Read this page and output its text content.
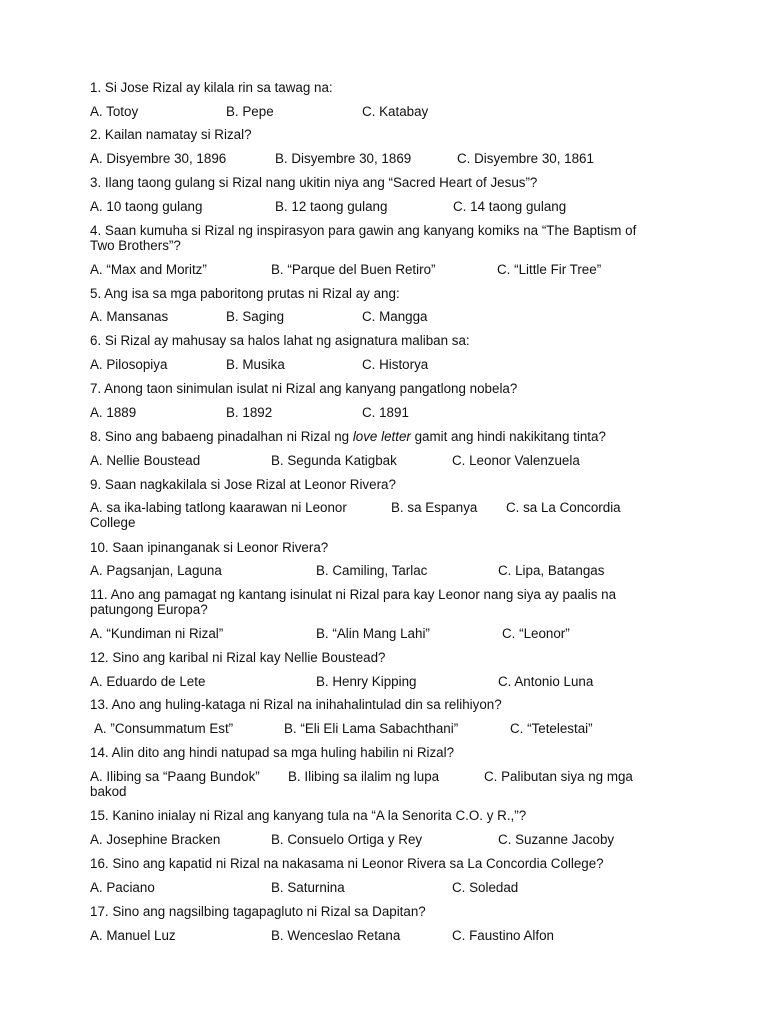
1. Si Jose Rizal ay kilala rin sa tawag na:
A. Totoy	B. Pepe	C. Katabay
2. Kailan namatay si Rizal?
A. Disyembre 30, 1896	B. Disyembre 30, 1869	C. Disyembre 30, 1861
3. Ilang taong gulang si Rizal nang ukitin niya ang “Sacred Heart of Jesus”?
A. 10 taong gulang	B. 12 taong gulang	C. 14 taong gulang
4. Saan kumuha si Rizal ng inspirasyon para gawin ang kanyang komiks na “The Baptism of Two Brothers”?
A. “Max and Moritz”	B. “Parque del Buen Retiro”	C. “Little Fir Tree”
5. Ang isa sa mga paboritong prutas ni Rizal ay ang:
A. Mansanas	B. Saging	C. Mangga
6. Si Rizal ay mahusay sa halos lahat ng asignatura maliban sa:
A. Pilosopiya	B. Musika	C. Historya
7. Anong taon sinimulan isulat ni Rizal ang kanyang pangatlong nobela?
A. 1889	B. 1892	C. 1891
8. Sino ang babaeng pinadalhan ni Rizal ng love letter gamit ang hindi nakikitang tinta?
A. Nellie Boustead	B. Segunda Katigbak	C. Leonor Valenzuela
9. Saan nagkakilala si Jose Rizal at Leonor Rivera?
A. sa ika-labing tatlong kaarawan ni Leonor	B. sa Espanya	C. sa La Concordia College
10. Saan ipinanganak si Leonor Rivera?
A. Pagsanjan, Laguna	B. Camiling, Tarlac	C. Lipa, Batangas
11. Ano ang pamagat ng kantang isinulat ni Rizal para kay Leonor nang siya ay paalis na patungong Europa?
A. “Kundiman ni Rizal”	B. “Alin Mang Lahi”	C. “Leonor”
12. Sino ang karibal ni Rizal kay Nellie Boustead?
A. Eduardo de Lete	B. Henry Kipping	C. Antonio Luna
13. Ano ang huling-kataga ni Rizal na inihahalintulad din sa relihiyon?
A. ”Consummatum Est”	B. “Eli Eli Lama Sabachthani”	C. “Tetelestai”
14. Alin dito ang hindi natupad sa mga huling habilin ni Rizal?
A. Ilibing sa “Paang Bundok” B. Ilibing sa ilalim ng lupa	C. Palibutan siya ng mga bakod
15. Kanino inialay ni Rizal ang kanyang tula na “A la Senorita C.O. y R.,”?
A. Josephine Bracken	B. Consuelo Ortiga y Rey	C. Suzanne Jacoby
16. Sino ang kapatid ni Rizal na nakasama ni Leonor Rivera sa La Concordia College?
A. Paciano	B. Saturnina	C. Soledad
17. Sino ang nagsilbing tagapagluto ni Rizal sa Dapitan?
A. Manuel Luz	B. Wenceslao Retana	C. Faustino Alfon
